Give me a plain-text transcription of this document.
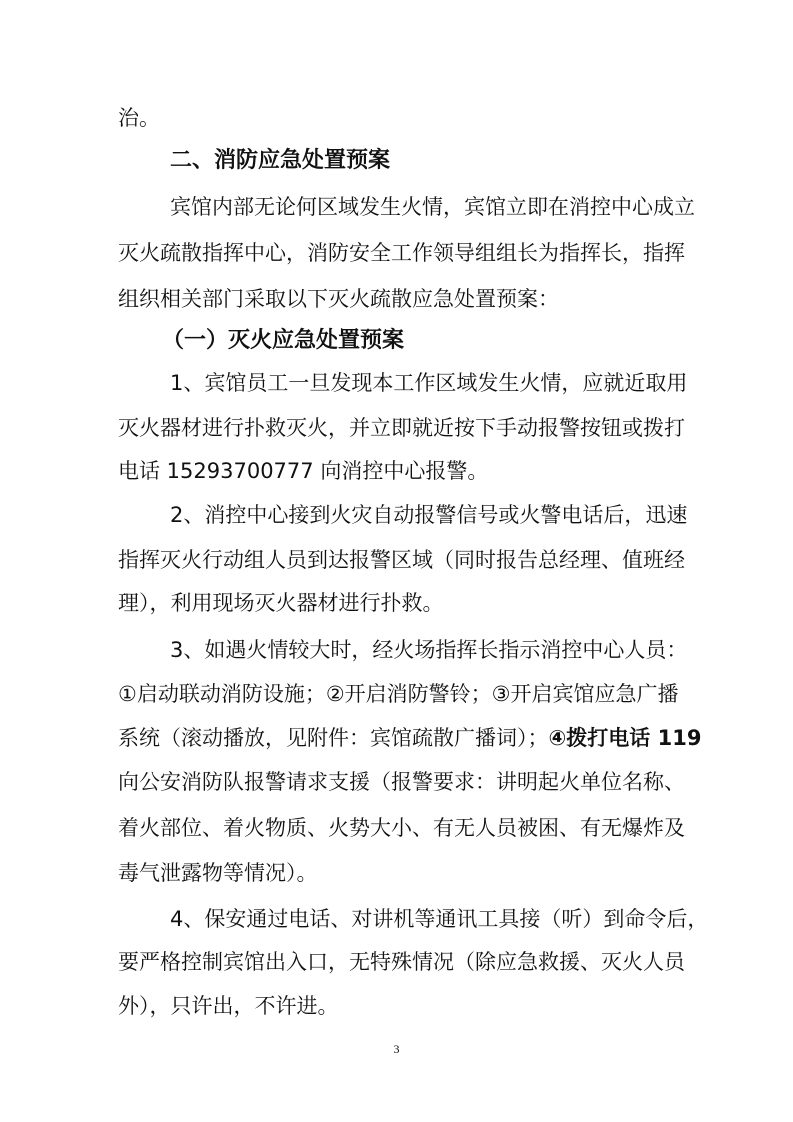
治。
二、消防应急处置预案
宾馆内部无论何区域发生火情，宾馆立即在消控中心成立
灭火疏散指挥中心，消防安全工作领导组组长为指挥长，指挥
组织相关部门采取以下灭火疏散应急处置预案：
（一）灭火应急处置预案
1、宾馆员工一旦发现本工作区域发生火情，应就近取用
灭火器材进行扑救灭火，并立即就近按下手动报警按钮或拨打
电话 15293700777 向消控中心报警。
2、消控中心接到火灾自动报警信号或火警电话后，迅速
指挥灭火行动组人员到达报警区域（同时报告总经理、值班经
理），利用现场灭火器材进行扑救。
3、如遇火情较大时，经火场指挥长指示消控中心人员：
①启动联动消防设施；②开启消防警铃；③开启宾馆应急广播
系统（滚动播放，见附件：宾馆疏散广播词）； ④拨打电话 119
向公安消防队报警请求支援（报警要求：讲明起火单位名称、
着火部位、着火物质、火势大小、有无人员被困、有无爆炸及
毒气泄露物等情况）。
4、保安通过电话、对讲机等通讯工具接（听）到命令后，
要严格控制宾馆出入口，无特殊情况（除应急救援、灭火人员
外），只许出，不许进。
3
